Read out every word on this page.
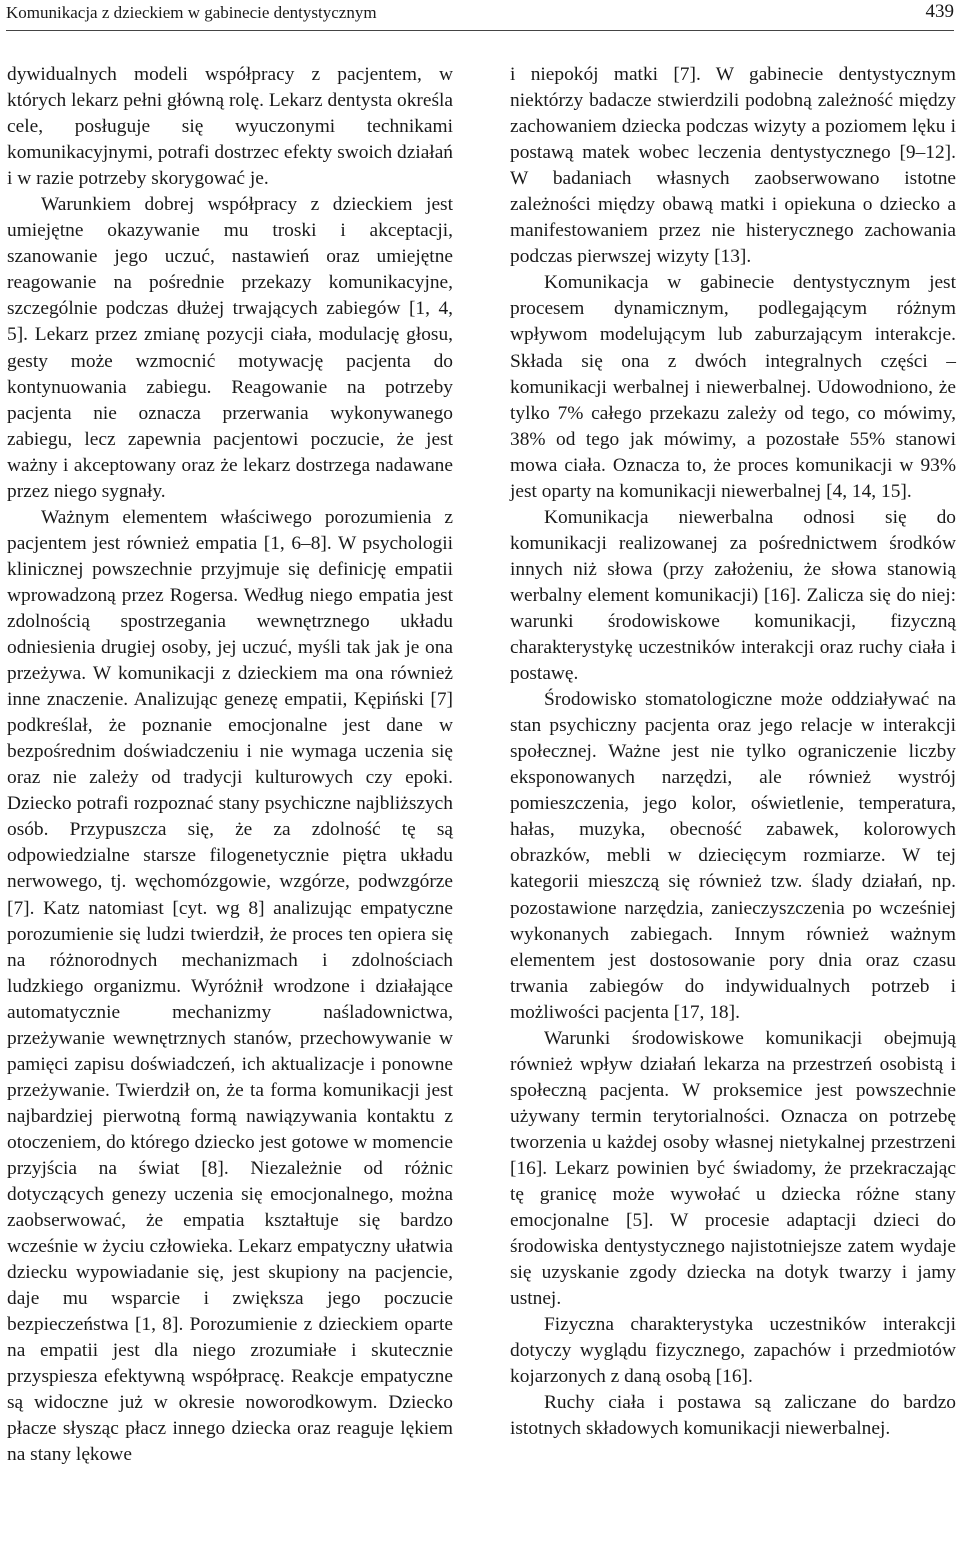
Komunikacja z dzieckiem w gabinecie dentystycznym	439

dywidualnych modeli współpracy z pacjentem, w których lekarz pełni główną rolę. Lekarz dentysta określa cele, posługuje się wyuczonymi technikami komunikacyjnymi, potrafi dostrzec efekty swoich działań i w razie potrzeby skorygować je.

Warunkiem dobrej współpracy z dzieckiem jest umiejętne okazywanie mu troski i akceptacji, szanowanie jego uczuć, nastawień oraz umiejętne reagowanie na pośrednie przekazy komunikacyjne, szczególnie podczas dłużej trwających zabiegów [1, 4, 5]. Lekarz przez zmianę pozycji ciała, modulację głosu, gesty może wzmocnić motywację pacjenta do kontynuowania zabiegu. Reagowanie na potrzeby pacjenta nie oznacza przerwania wykonywanego zabiegu, lecz zapewnia pacjentowi poczucie, że jest ważny i akceptowany oraz że lekarz dostrzega nadawane przez niego sygnały.

Ważnym elementem właściwego porozumienia z pacjentem jest również empatia [1, 6–8]. W psychologii klinicznej powszechnie przyjmuje się definicję empatii wprowadzoną przez Rogersa. Według niego empatia jest zdolnością spostrzegania wewnętrznego układu odniesienia drugiej osoby, jej uczuć, myśli tak jak je ona przeżywa. W komunikacji z dzieckiem ma ona również inne znaczenie. Analizując genezę empatii, Kępiński [7] podkreślał, że poznanie emocjonalne jest dane w bezpośrednim doświadczeniu i nie wymaga uczenia się oraz nie zależy od tradycji kulturowych czy epoki. Dziecko potrafi rozpoznać stany psychiczne najbliższych osób. Przypuszcza się, że za zdolność tę są odpowiedzialne starsze filogenetycznie piętra układu nerwowego, tj. węchomózgowie, wzgórze, podwzgórze [7]. Katz natomiast [cyt. wg 8] analizując empatyczne porozumienie się ludzi twierdził, że proces ten opiera się na różnorodnych mechanizmach i zdolnościach ludzkiego organizmu. Wyróżnił wrodzone i działające automatycznie mechanizmy naśladownictwa, przeżywanie wewnętrznych stanów, przechowywanie w pamięci zapisu doświadczeń, ich aktualizacje i ponowne przeżywanie. Twierdził on, że ta forma komunikacji jest najbardziej pierwotną formą nawiązywania kontaktu z otoczeniem, do którego dziecko jest gotowe w momencie przyjścia na świat [8]. Niezależnie od różnic dotyczących genezy uczenia się emocjonalnego, można zaobserwować, że empatia kształtuje się bardzo wcześnie w życiu człowieka. Lekarz empatyczny ułatwia dziecku wypowiadanie się, jest skupiony na pacjencie, daje mu wsparcie i zwiększa jego poczucie bezpieczeństwa [1, 8]. Porozumienie z dzieckiem oparte na empatii jest dla niego zrozumiałe i skutecznie przyspiesza efektywną współpracę. Reakcje empatyczne są widoczne już w okresie noworodkowym. Dziecko płacze słysząc płacz innego dziecka oraz reaguje lękiem na stany lękowe

i niepokój matki [7]. W gabinecie dentystycznym niektórzy badacze stwierdzili podobną zależność między zachowaniem dziecka podczas wizyty a poziomem lęku i postawą matek wobec leczenia dentystycznego [9–12]. W badaniach własnych zaobserwowano istotne zależności między obawą matki i opiekuna o dziecko a manifestowaniem przez nie histerycznego zachowania podczas pierwszej wizyty [13].

Komunikacja w gabinecie dentystycznym jest procesem dynamicznym, podlegającym różnym wpływom modelującym lub zaburzającym interakcje. Składa się ona z dwóch integralnych części – komunikacji werbalnej i niewerbalnej. Udowodniono, że tylko 7% całego przekazu zależy od tego, co mówimy, 38% od tego jak mówimy, a pozostałe 55% stanowi mowa ciała. Oznacza to, że proces komunikacji w 93% jest oparty na komunikacji niewerbalnej [4, 14, 15].

Komunikacja niewerbalna odnosi się do komunikacji realizowanej za pośrednictwem środków innych niż słowa (przy założeniu, że słowa stanowią werbalny element komunikacji) [16]. Zalicza się do niej: warunki środowiskowe komunikacji, fizyczną charakterystykę uczestników interakcji oraz ruchy ciała i postawę.

Środowisko stomatologiczne może oddziaływać na stan psychiczny pacjenta oraz jego relacje w interakcji społecznej. Ważne jest nie tylko ograniczenie liczby eksponowanych narzędzi, ale również wystrój pomieszczenia, jego kolor, oświetlenie, temperatura, hałas, muzyka, obecność zabawek, kolorowych obrazków, mebli w dziecięcym rozmiarze. W tej kategorii mieszczą się również tzw. ślady działań, np. pozostawione narzędzia, zanieczyszczenia po wcześniej wykonanych zabiegach. Innym również ważnym elementem jest dostosowanie pory dnia oraz czasu trwania zabiegów do indywidualnych potrzeb i możliwości pacjenta [17, 18].

Warunki środowiskowe komunikacji obejmują również wpływ działań lekarza na przestrzeń osobistą i społeczną pacjenta. W proksemice jest powszechnie używany termin terytorialności. Oznacza on potrzebę tworzenia u każdej osoby własnej nietykalnej przestrzeni [16]. Lekarz powinien być świadomy, że przekraczając tę granicę może wywołać u dziecka różne stany emocjonalne [5]. W procesie adaptacji dzieci do środowiska dentystycznego najistotniejsze zatem wydaje się uzyskanie zgody dziecka na dotyk twarzy i jamy ustnej.

Fizyczna charakterystyka uczestników interakcji dotyczy wyglądu fizycznego, zapachów i przedmiotów kojarzonych z daną osobą [16].

Ruchy ciała i postawa są zaliczane do bardzo istotnych składowych komunikacji niewerbalnej.
